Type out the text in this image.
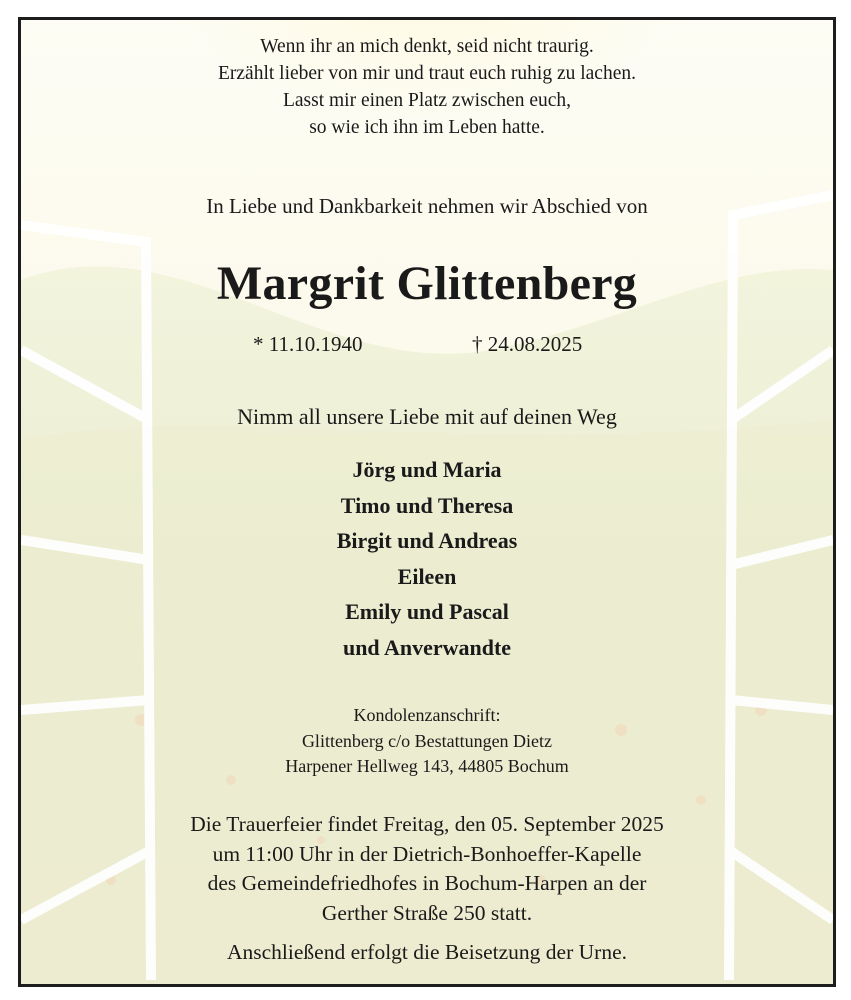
Wenn ihr an mich denkt, seid nicht traurig.
Erzählt lieber von mir und traut euch ruhig zu lachen.
Lasst mir einen Platz zwischen euch,
so wie ich ihn im Leben hatte.
In Liebe und Dankbarkeit nehmen wir Abschied von
Margrit Glittenberg
* 11.10.1940	† 24.08.2025
Nimm all unsere Liebe mit auf deinen Weg
Jörg und Maria
Timo und Theresa
Birgit und Andreas
Eileen
Emily und Pascal
und Anverwandte
Kondolenzanschrift:
Glittenberg c/o Bestattungen Dietz
Harpener Hellweg 143, 44805 Bochum
Die Trauerfeier findet Freitag, den 05. September 2025
um 11:00 Uhr in der Dietrich-Bonhoeffer-Kapelle
des Gemeindefriedhofes in Bochum-Harpen an der
Gerther Straße 250 statt.
Anschließend erfolgt die Beisetzung der Urne.
